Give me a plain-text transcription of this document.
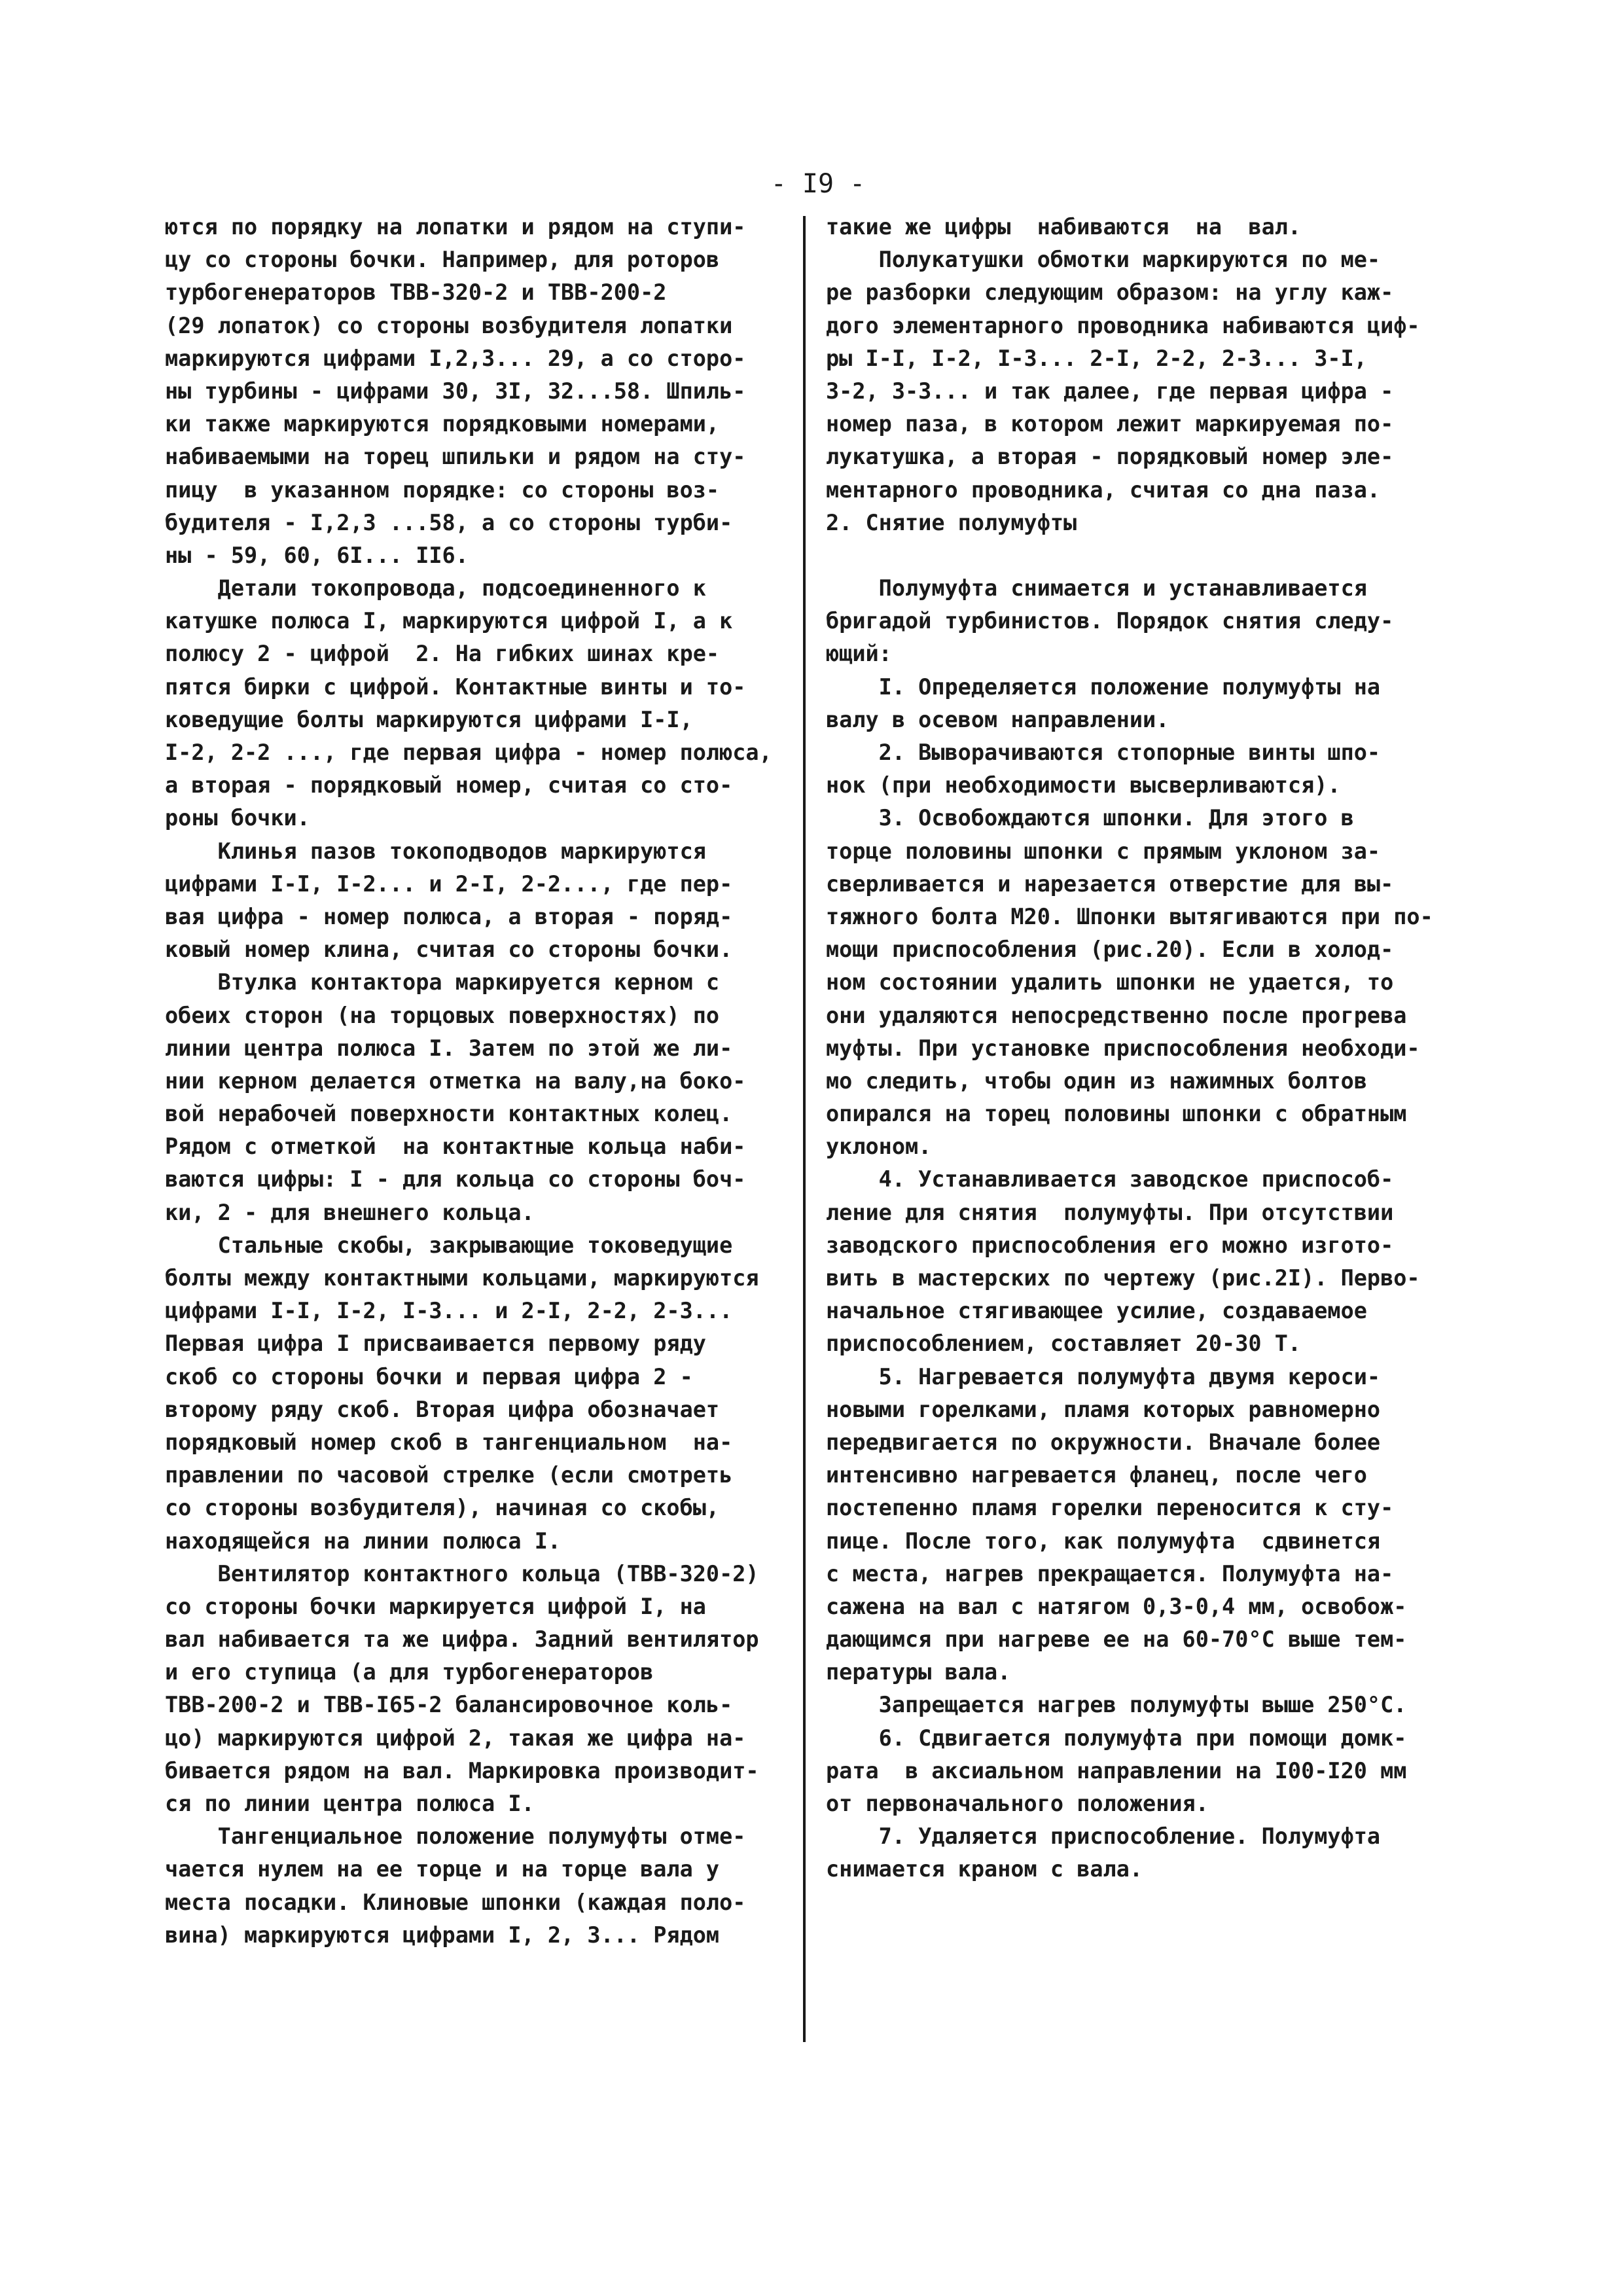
- I9 -
ются по порядку на лопатки и рядом на ступи-
цу со стороны бочки. Например, для роторов
турбогенераторов ТВВ-320-2 и ТВВ-200-2
(29 лопаток) со стороны возбудителя лопатки
маркируются цифрами I,2,3... 29, а со сторо-
ны турбины - цифрами 30, 3I, 32...58. Шпиль-
ки также маркируются порядковыми номерами,
набиваемыми на торец шпильки и рядом на сту-
пицу  в указанном порядке: со стороны воз-
будителя - I,2,3 ...58, а со стороны турби-
ны - 59, 60, 6I... II6.
Детали токопровода, подсоединенного к
катушке полюса I, маркируются цифрой I, а к
полюсу 2 - цифрой  2. На гибких шинах кре-
пятся бирки с цифрой. Контактные винты и то-
коведущие болты маркируются цифрами I-I,
I-2, 2-2 ..., где первая цифра - номер полюса,
а вторая - порядковый номер, считая со сто-
роны бочки.
Клинья пазов токоподводов маркируются
цифрами I-I, I-2... и 2-I, 2-2..., где пер-
вая цифра - номер полюса, а вторая - поряд-
ковый номер клина, считая со стороны бочки.
Втулка контактора маркируется керном с
обеих сторон (на торцовых поверхностях) по
линии центра полюса I. Затем по этой же ли-
нии керном делается отметка на валу,на боко-
вой нерабочей поверхности контактных колец.
Рядом с отметкой  на контактные кольца наби-
ваются цифры: I - для кольца со стороны боч-
ки, 2 - для внешнего кольца.
Стальные скобы, закрывающие токоведущие
болты между контактными кольцами, маркируются
цифрами I-I, I-2, I-3... и 2-I, 2-2, 2-3...
Первая цифра I присваивается первому ряду
скоб со стороны бочки и первая цифра 2 -
второму ряду скоб. Вторая цифра обозначает
порядковый номер скоб в тангенциальном  на-
правлении по часовой стрелке (если смотреть
со стороны возбудителя), начиная со скобы,
находящейся на линии полюса I.
Вентилятор контактного кольца (ТВВ-320-2)
со стороны бочки маркируется цифрой I, на
вал набивается та же цифра. Задний вентилятор
и его ступица (а для турбогенераторов
ТВВ-200-2 и ТВВ-I65-2 балансировочное коль-
цо) маркируются цифрой 2, такая же цифра на-
бивается рядом на вал. Маркировка производит-
ся по линии центра полюса I.
Тангенциальное положение полумуфты отме-
чается нулем на ее торце и на торце вала у
места посадки. Клиновые шпонки (каждая поло-
вина) маркируются цифрами I, 2, 3... Рядом
такие же цифры  набиваются  на  вал.
Полукатушки обмотки маркируются по ме-
ре разборки следующим образом: на углу каж-
дого элементарного проводника набиваются циф-
ры I-I, I-2, I-3... 2-I, 2-2, 2-3... 3-I,
3-2, 3-3... и так далее, где первая цифра -
номер паза, в котором лежит маркируемая по-
лукатушка, а вторая - порядковый номер эле-
ментарного проводника, считая со дна паза.
2. Снятие полумуфты
Полумуфта снимается и устанавливается
бригадой турбинистов. Порядок снятия следу-
ющий:
I. Определяется положение полумуфты на
валу в осевом направлении.
2. Выворачиваются стопорные винты шпо-
нок (при необходимости высверливаются).
3. Освобождаются шпонки. Для этого в
торце половины шпонки с прямым уклоном за-
сверливается и нарезается отверстие для вы-
тяжного болта М20. Шпонки вытягиваются при по-
мощи приспособления (рис.20). Если в холод-
ном состоянии удалить шпонки не удается, то
они удаляются непосредственно после прогрева
муфты. При установке приспособления необходи-
мо следить, чтобы один из нажимных болтов
опирался на торец половины шпонки с обратным
уклоном.
4. Устанавливается заводское приспособ-
ление для снятия  полумуфты. При отсутствии
заводского приспособления его можно изгото-
вить в мастерских по чертежу (рис.2I). Перво-
начальное стягивающее усилие, создаваемое
приспособлением, составляет 20-30 Т.
5. Нагревается полумуфта двумя кероси-
новыми горелками, пламя которых равномерно
передвигается по окружности. Вначале более
интенсивно нагревается фланец, после чего
постепенно пламя горелки переносится к сту-
пице. После того, как полумуфта  сдвинется
с места, нагрев прекращается. Полумуфта на-
сажена на вал с натягом 0,3-0,4 мм, освобож-
дающимся при нагреве ее на 60-70°С выше тем-
пературы вала.
Запрещается нагрев полумуфты выше 250°С.
6. Сдвигается полумуфта при помощи домк-
рата  в аксиальном направлении на I00-I20 мм
от первоначального положения.
7. Удаляется приспособление. Полумуфта
снимается краном с вала.
